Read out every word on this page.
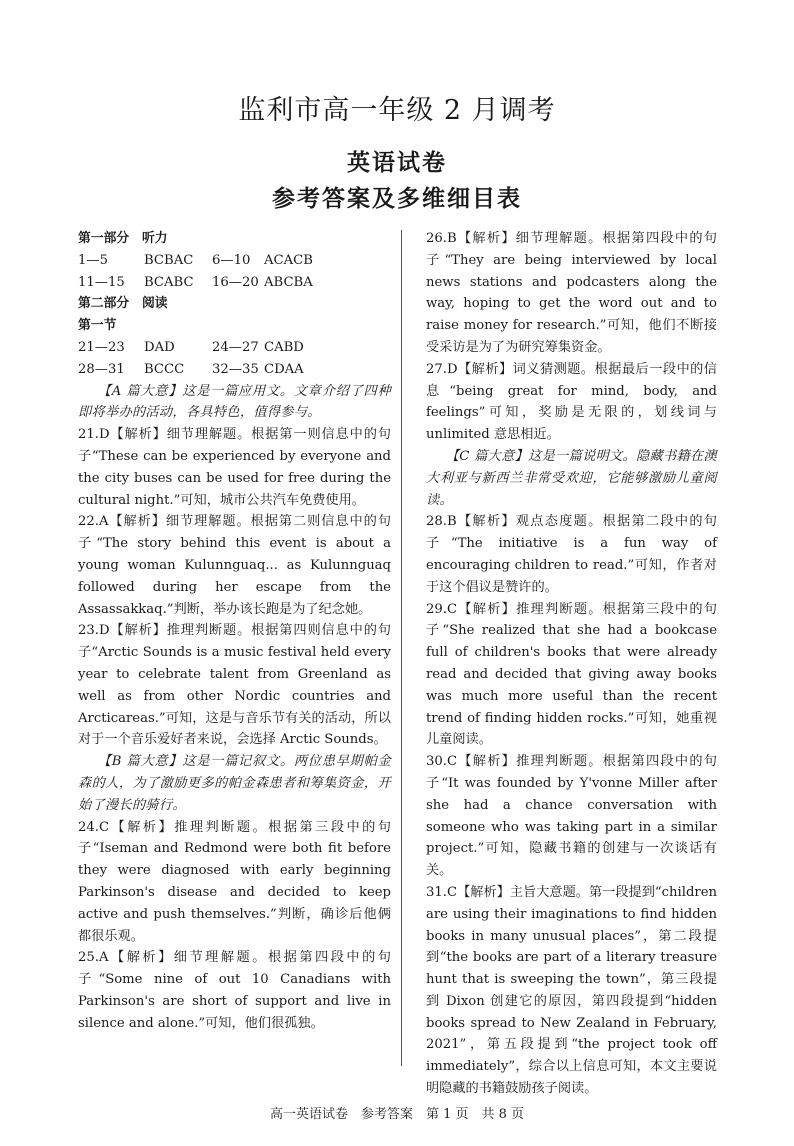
监利市高一年级 2 月调考
英语试卷
参考答案及多维细目表
第一部分　听力
1—5	BCBAC	6—10	ACACB
11—15	BCABC	16—20 ABCBA
第二部分　阅读
第一节
21—23	DAD	24—27 CABD
28—31	BCCC	32—35 CDAA

【A 篇大意】这是一篇应用文。文章介绍了四种即将举办的活动，各具特色，值得参与。

21.D【解析】细节理解题。根据第一则信息中的句子“These can be experienced by everyone and the city buses can be used for free during the cultural night.”可知，城市公共汽车免费使用。

22.A【解析】细节理解题。根据第二则信息中的句子“The story behind this event is about a young woman Kulunnguaq... as Kulunnguaq followed during her escape from the Assassakkaq.”判断，举办该长跑是为了纪念她。

23.D【解析】推理判断题。根据第四则信息中的句子“Arctic Sounds is a music festival held every year to celebrate talent from Greenland as well as from other Nordic countries and Arcticareas.”可知，这是与音乐节有关的活动，所以对于一个音乐爱好者来说，会选择 Arctic Sounds。

【B 篇大意】这是一篇记叙文。两位患早期帕金森的人，为了激励更多的帕金森患者和筹集资金，开始了漫长的骑行。

24.C【解析】推理判断题。根据第三段中的句子“Iseman and Redmond were both fit before they were diagnosed with early beginning Parkinson's disease and decided to keep active and push themselves.”判断，确诊后他俩都很乐观。

25.A【解析】细节理解题。根据第四段中的句子“Some nine of out 10 Canadians with Parkinson's are short of support and live in silence and alone.”可知，他们很孤独。

26.B【解析】细节理解题。根据第四段中的句子“They are being interviewed by local news stations and podcasters along the way, hoping to get the word out and to raise money for research.”可知，他们不断接受采访是为了为研究筹集资金。

27.D【解析】词义猜测题。根据最后一段中的信息“being great for mind, body, and feelings”可知，奖励是无限的，划线词与 unlimited 意思相近。

【C 篇大意】这是一篇说明文。隐藏书籍在澳大利亚与新西兰非常受欢迎，它能够激励儿童阅读。

28.B【解析】观点态度题。根据第二段中的句子“The initiative is a fun way of encouraging children to read.”可知，作者对于这个倡议是赞许的。

29.C【解析】推理判断题。根据第三段中的句子“She realized that she had a bookcase full of children's books that were already read and decided that giving away books was much more useful than the recent trend of finding hidden rocks.”可知，她重视儿童阅读。

30.C【解析】推理判断题。根据第四段中的句子“It was founded by Y'vonne Miller after she had a chance conversation with someone who was taking part in a similar project.”可知，隐藏书籍的创建与一次谈话有关。

31.C【解析】主旨大意题。第一段提到“children are using their imaginations to find hidden books in many unusual places”，第二段提到“the books are part of a literary treasure hunt that is sweeping the town”，第三段提到 Dixon 创建它的原因，第四段提到“hidden books spread to New Zealand in February, 2021”，第五段提到“the project took off immediately”，综合以上信息可知，本文主要说明隐藏的书籍鼓励孩子阅读。

高一英语试卷　参考答案　第 1 页　共 8 页
